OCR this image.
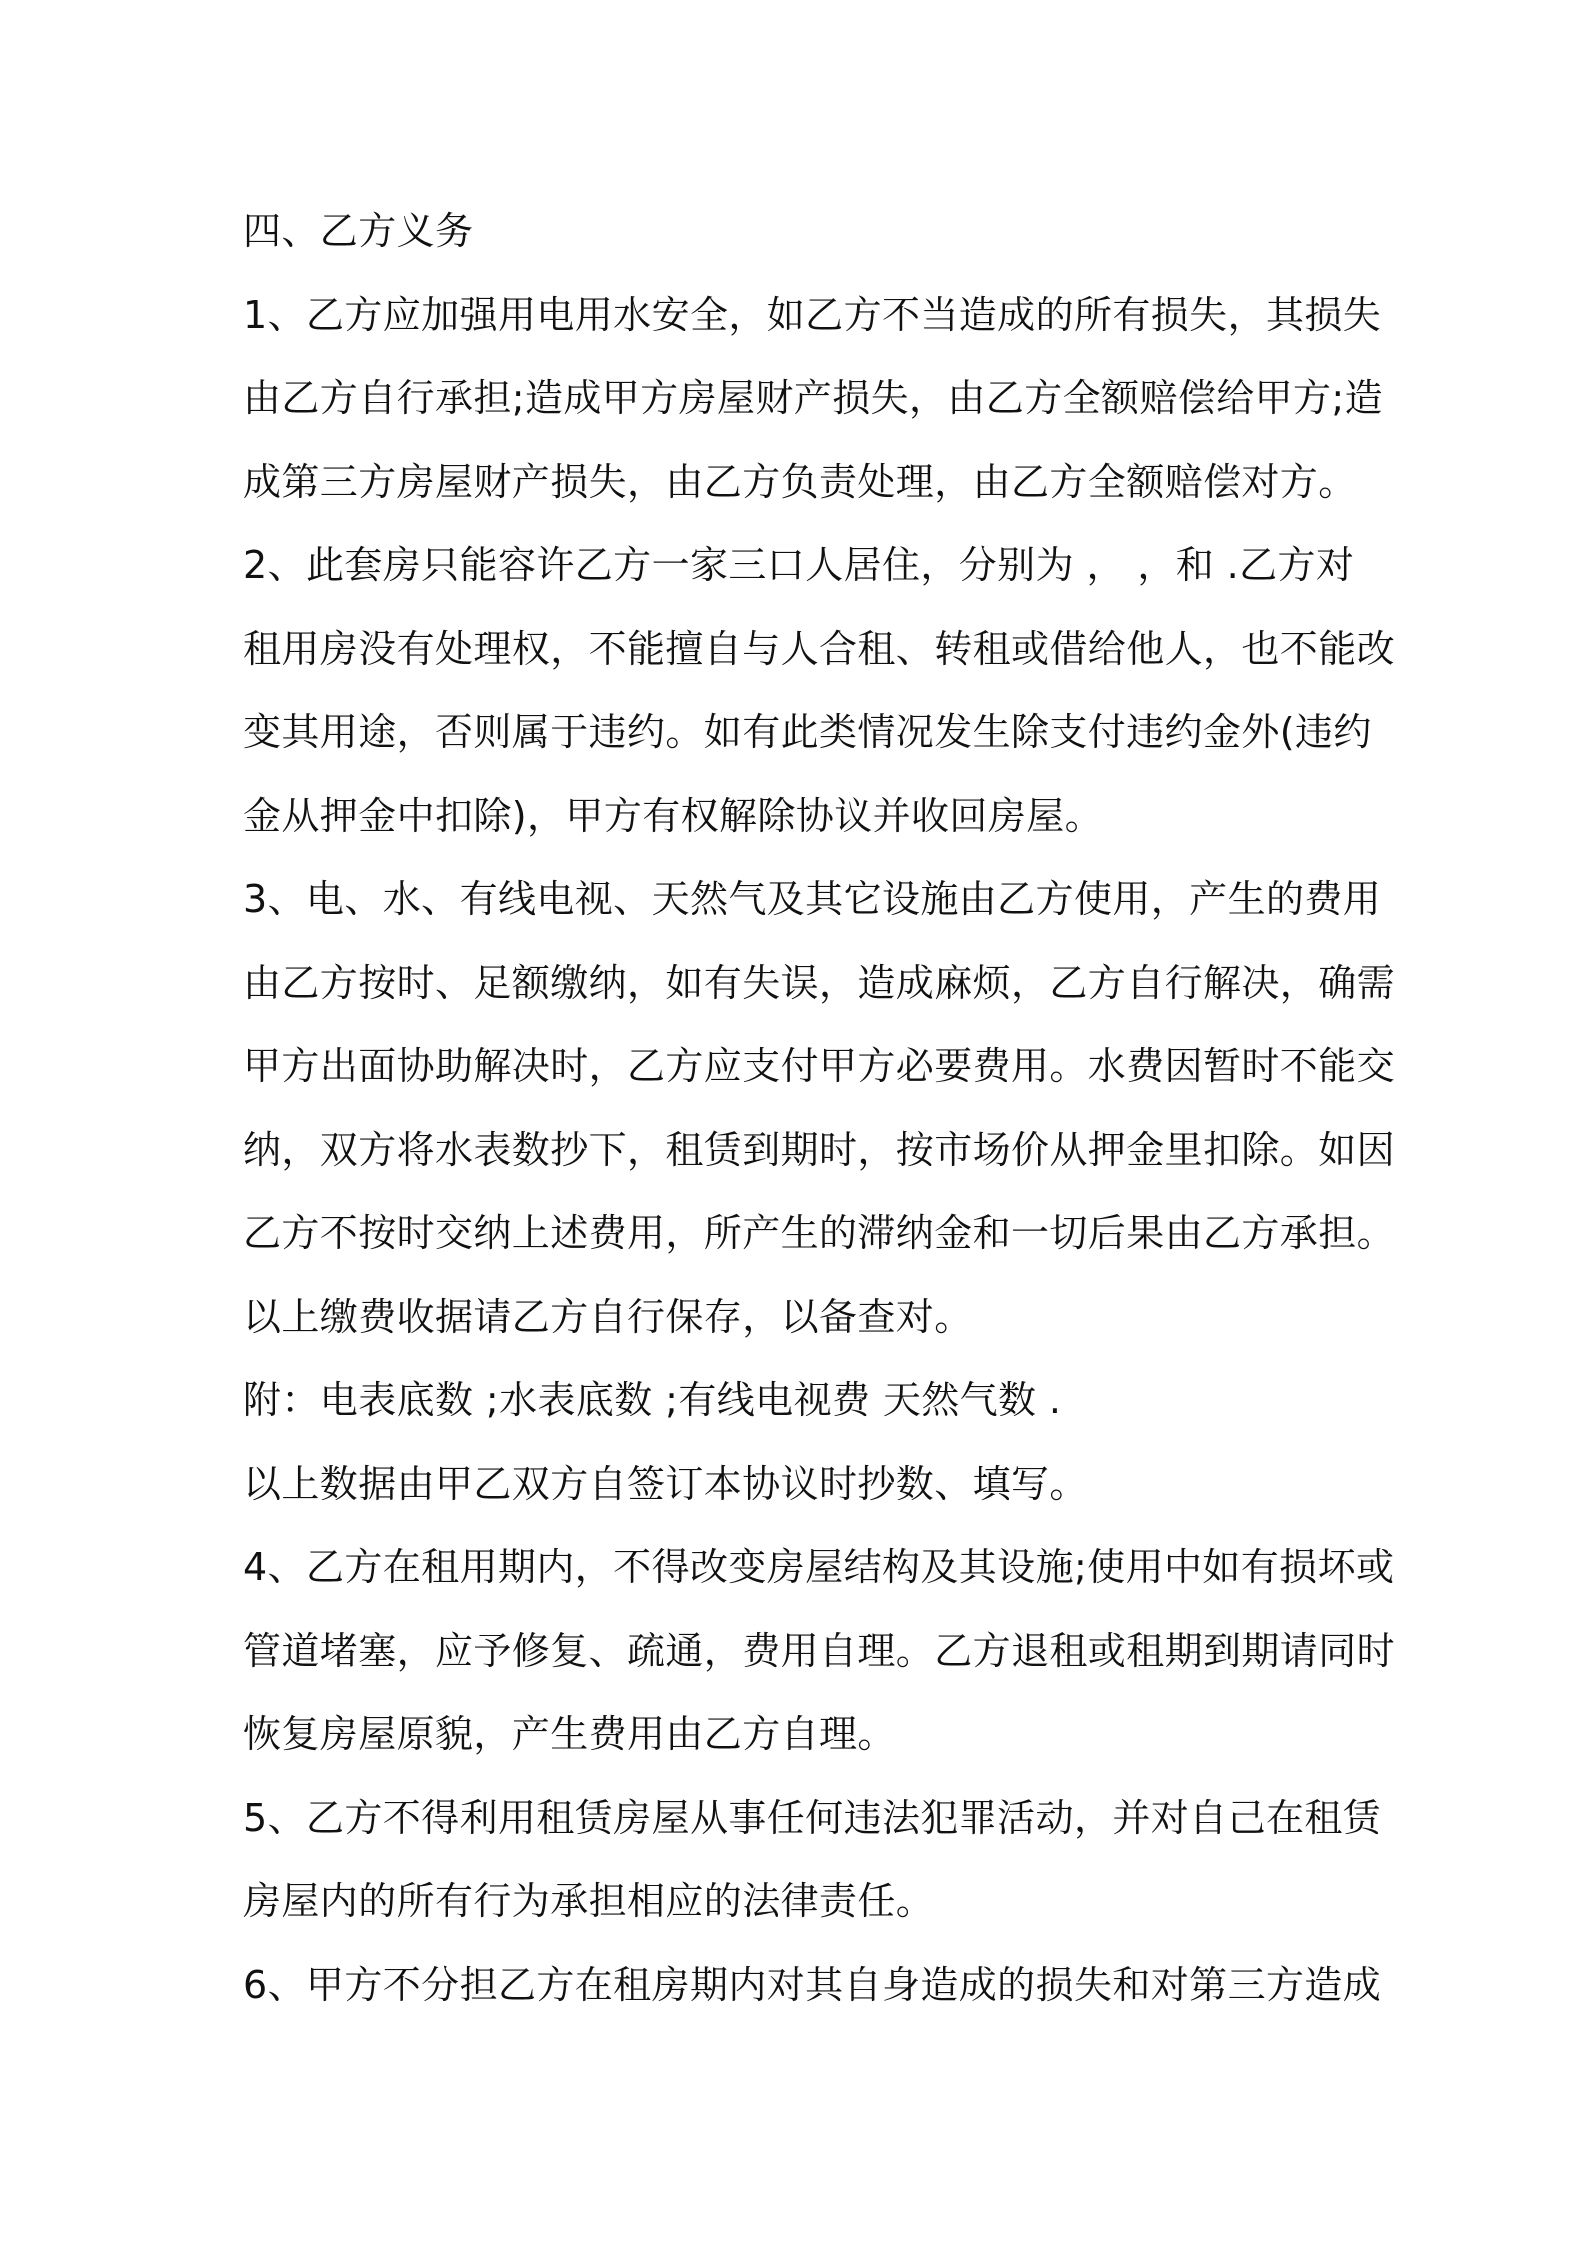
四、乙方义务

1、乙方应加强用电用水安全，如乙方不当造成的所有损失，其损失

由乙方自行承担;造成甲方房屋财产损失，由乙方全额赔偿给甲方;造

成第三方房屋财产损失，由乙方负责处理，由乙方全额赔偿对方。

2、此套房只能容许乙方一家三口人居住，分别为 ， ，和 .乙方对

租用房没有处理权，不能擅自与人合租、转租或借给他人，也不能改

变其用途，否则属于违约。如有此类情况发生除支付违约金外(违约

金从押金中扣除)，甲方有权解除协议并收回房屋。

3、电、水、有线电视、天然气及其它设施由乙方使用，产生的费用

由乙方按时、足额缴纳，如有失误，造成麻烦，乙方自行解决，确需

甲方出面协助解决时，乙方应支付甲方必要费用。水费因暂时不能交

纳，双方将水表数抄下，租赁到期时，按市场价从押金里扣除。如因

乙方不按时交纳上述费用，所产生的滞纳金和一切后果由乙方承担。

以上缴费收据请乙方自行保存，以备查对。

附：电表底数 ;水表底数 ;有线电视费 天然气数 .

以上数据由甲乙双方自签订本协议时抄数、填写。

4、乙方在租用期内，不得改变房屋结构及其设施;使用中如有损坏或

管道堵塞，应予修复、疏通，费用自理。乙方退租或租期到期请同时

恢复房屋原貌，产生费用由乙方自理。

5、乙方不得利用租赁房屋从事任何违法犯罪活动，并对自己在租赁

房屋内的所有行为承担相应的法律责任。

6、甲方不分担乙方在租房期内对其自身造成的损失和对第三方造成
